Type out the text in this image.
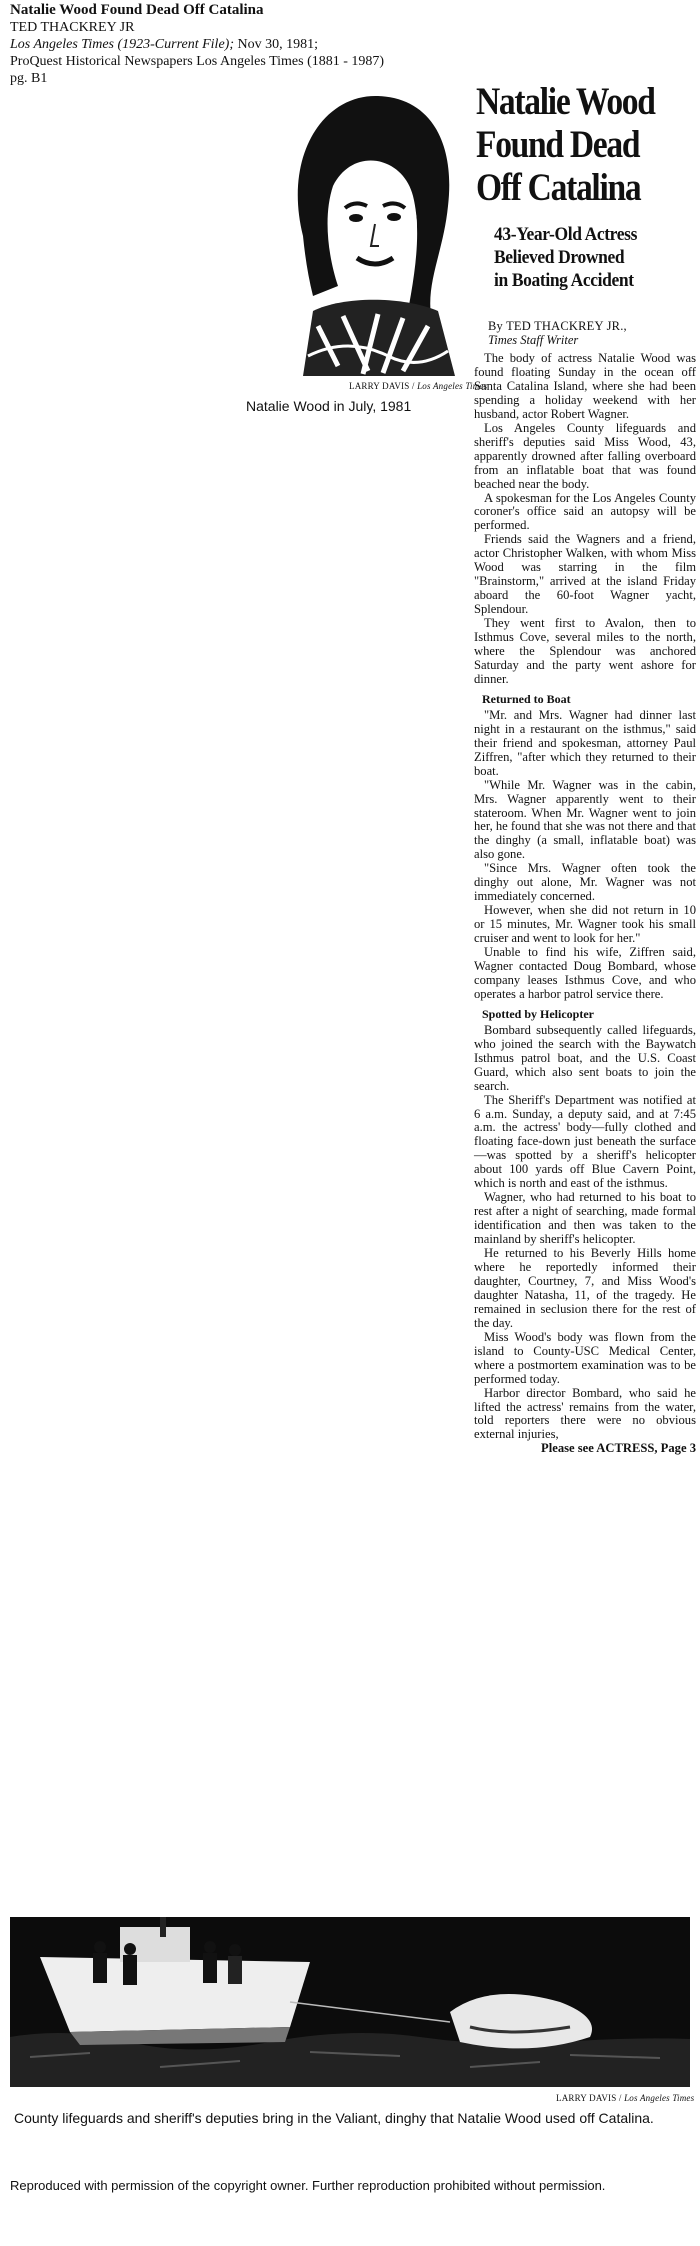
Natalie Wood Found Dead Off Catalina
TED THACKREY JR
Los Angeles Times (1923-Current File); Nov 30, 1981;
ProQuest Historical Newspapers Los Angeles Times (1881 - 1987)
pg. B1
LARRY DAVIS / Los Angeles Times
Natalie Wood in July, 1981
Natalie Wood
Found Dead
Off Catalina
43-Year-Old Actress
Believed Drowned
in Boating Accident
By TED THACKREY JR.,
Times Staff Writer

The body of actress Natalie Wood was found floating Sunday in the ocean off Santa Catalina Island, where she had been spending a holiday weekend with her husband, actor Robert Wagner.

Los Angeles County lifeguards and sheriff's deputies said Miss Wood, 43, apparently drowned after falling overboard from an inflatable boat that was found beached near the body.

A spokesman for the Los Angeles County coroner's office said an autopsy will be performed.

Friends said the Wagners and a friend, actor Christopher Walken, with whom Miss Wood was starring in the film "Brainstorm," arrived at the island Friday aboard the 60-foot Wagner yacht, Splendour.

They went first to Avalon, then to Isthmus Cove, several miles to the north, where the Splendour was anchored Saturday and the party went ashore for dinner.

Returned to Boat

"Mr. and Mrs. Wagner had dinner last night in a restaurant on the isthmus," said their friend and spokesman, attorney Paul Ziffren, "after which they returned to their boat.

"While Mr. Wagner was in the cabin, Mrs. Wagner apparently went to their stateroom. When Mr. Wagner went to join her, he found that she was not there and that the dinghy (a small, inflatable boat) was also gone.

"Since Mrs. Wagner often took the dinghy out alone, Mr. Wagner was not immediately concerned.

However, when she did not return in 10 or 15 minutes, Mr. Wagner took his small cruiser and went to look for her."

Unable to find his wife, Ziffren said, Wagner contacted Doug Bombard, whose company leases Isthmus Cove, and who operates a harbor patrol service there.

Spotted by Helicopter

Bombard subsequently called lifeguards, who joined the search with the Baywatch Isthmus patrol boat, and the U.S. Coast Guard, which also sent boats to join the search.

The Sheriff's Department was notified at 6 a.m. Sunday, a deputy said, and at 7:45 a.m. the actress' body—fully clothed and floating face-down just beneath the surface—was spotted by a sheriff's helicopter about 100 yards off Blue Cavern Point, which is north and east of the isthmus.

Wagner, who had returned to his boat to rest after a night of searching, made formal identification and then was taken to the mainland by sheriff's helicopter.

He returned to his Beverly Hills home where he reportedly informed their daughter, Courtney, 7, and Miss Wood's daughter Natasha, 11, of the tragedy. He remained in seclusion there for the rest of the day.

Miss Wood's body was flown from the island to County-USC Medical Center, where a postmortem examination was to be performed today.

Harbor director Bombard, who said he lifted the actress' remains from the water, told reporters there were no obvious external injuries,

Please see ACTRESS, Page 3

LARRY DAVIS / Los Angeles Times
County lifeguards and sheriff's deputies bring in the Valiant, dinghy that Natalie Wood used off Catalina.
Reproduced with permission of the copyright owner. Further reproduction prohibited without permission.
